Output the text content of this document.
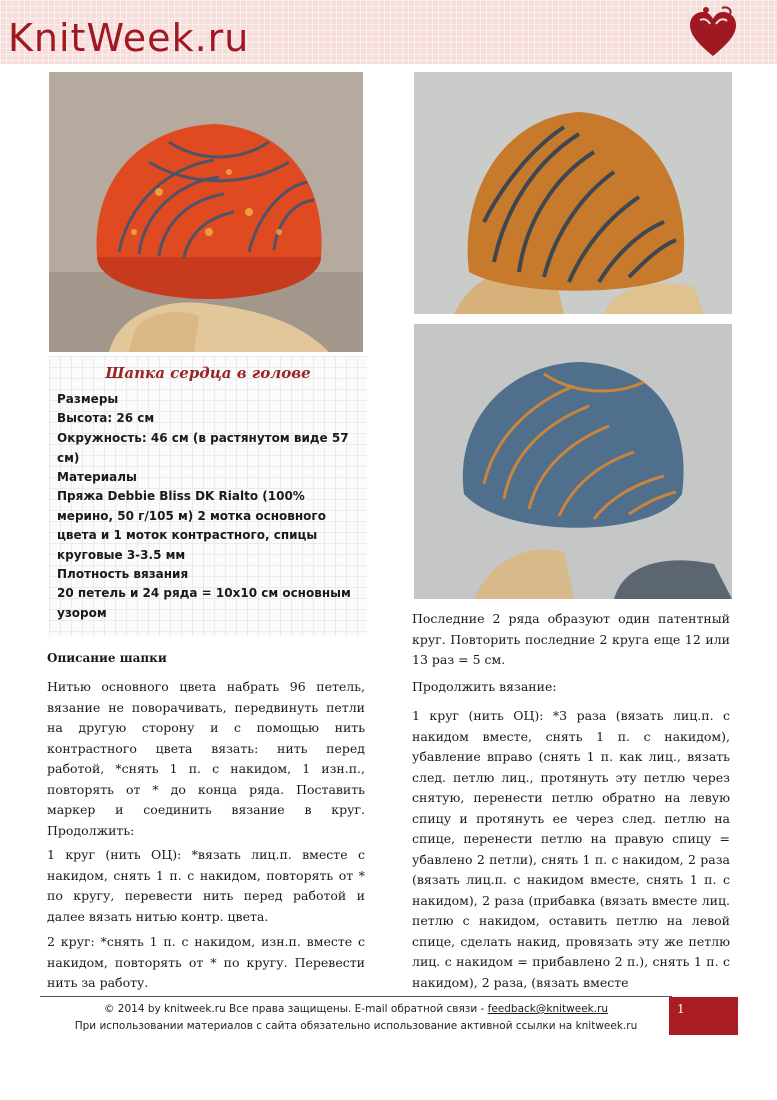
KnitWeek.ru
Шапка сердца в голове

Размеры

Высота: 26 см

Окружность: 46 см (в растянутом виде 57 см)

Материалы

Пряжа Debbie Bliss DK Rialto (100% мерино, 50 г/105 м) 2 мотка основного цвета и 1 моток контрастного, спицы круговые 3-3.5 мм

Плотность вязания

20 петель и 24 ряда = 10x10 см основным узором

Описание шапки

Нитью основного цвета набрать 96 петель, вязание не поворачивать, передвинуть петли на другую сторону и с помощью нить контрастного цвета вязать: нить перед работой, *снять 1 п. с накидом, 1 изн.п., повторять от * до конца ряда. Поставить маркер и соединить вязание в круг. Продолжить:

1 круг (нить ОЦ): *вязать лиц.п. вместе с накидом, снять 1 п. с накидом, повторять от * по кругу, перевести нить перед работой и далее вязать нитью контр. цвета.

2 круг: *снять 1 п. с накидом, изн.п. вместе с накидом, повторять от * по кругу. Перевести нить за работу.

Последние 2 ряда образуют один патентный круг. Повторить последние 2 круга еще 12 или 13 раз = 5 см.

Продолжить вязание:

1 круг (нить ОЦ): *3 раза (вязать лиц.п. с накидом вместе, снять 1 п. с накидом), убавление вправо (снять 1 п. как лиц., вязать след. петлю лиц., протянуть эту петлю через снятую, перенести петлю обратно на левую спицу и протянуть ее через след. петлю на спице, перенести петлю на правую спицу = убавлено 2 петли), снять 1 п. с накидом, 2 раза (вязать лиц.п. с накидом вместе, снять 1 п. с накидом), 2 раза (прибавка (вязать вместе лиц. петлю с накидом, оставить петлю на левой спице, сделать накид, провязать эту же петлю лиц. с накидом = прибавлено 2 п.), снять 1 п. с накидом), 2 раза, (вязать вместе

© 2014 by knitweek.ru Все права защищены. E-mail обратной связи - feedback@knitweek.ru
При использовании материалов с сайта обязательно использование активной ссылки на knitweek.ru
1
